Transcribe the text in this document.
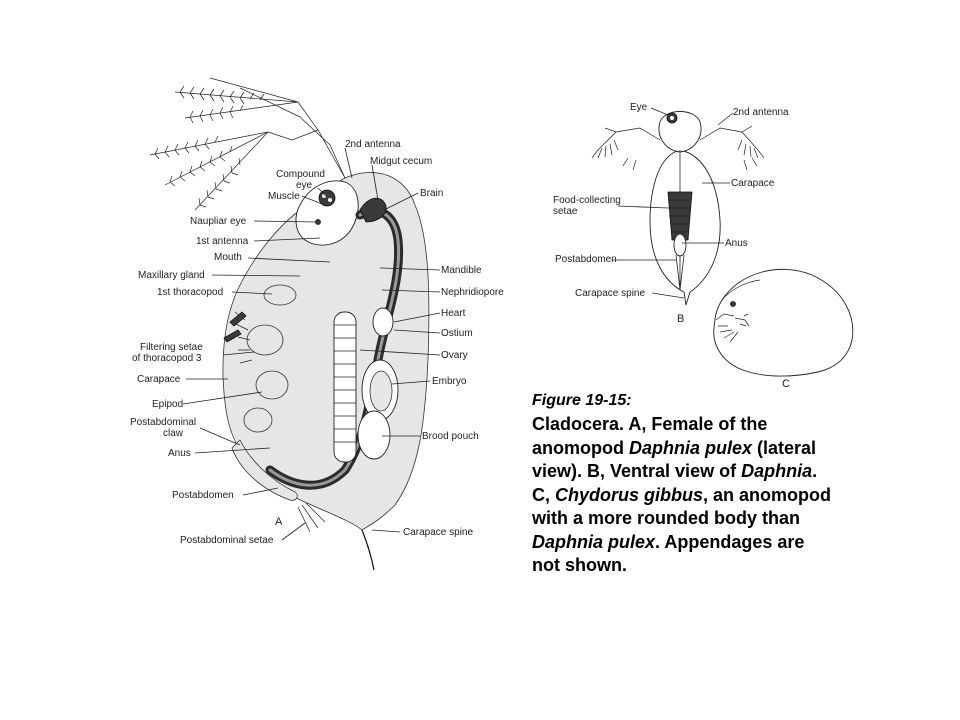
2nd antenna
Midgut cecum
Compound
eye
Muscle	Brain
Naupliar eye
1st antenna
Mouth
Maxillary gland	Mandible
1st thoracopod	Nephridiopore
Heart
Ostium
Filtering setae
of thoracopod 3	Ovary
Carapace	Embryo
Epipod
Postabdominal
claw	Brood pouch
Anus
Postabdomen
Carapace spine
A
Postabdominal setae
Eye	2nd antenna
Carapace
Food-collecting
setae
Anus
Postabdomen
Carapace spine
B
C
Figure 19-15:

Cladocera. A, Female of the anomopod Daphnia pulex (lateral view). B, Ventral view of Daphnia. C, Chydorus gibbus, an anomopod with a more rounded body than Daphnia pulex. Appendages are not shown.
